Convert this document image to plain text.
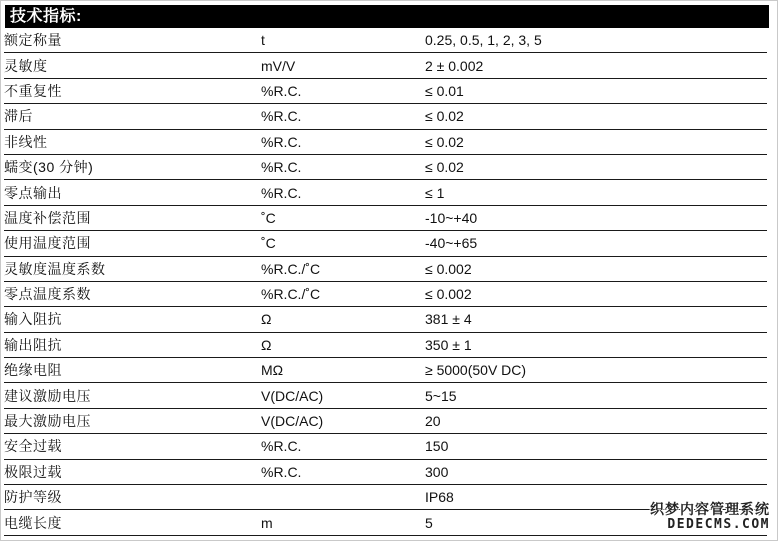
技术指标:
额定称量	t	0.25, 0.5, 1, 2, 3, 5
灵敏度	mV/V	2 ± 0.002
不重复性	%R.C.	≤ 0.01
滞后	%R.C.	≤ 0.02
非线性	%R.C.	≤ 0.02
蠕变(30 分钟)	%R.C.	≤ 0.02
零点输出	%R.C.	≤ 1
温度补偿范围	˚C	-10~+40
使用温度范围	˚C	-40~+65
灵敏度温度系数	%R.C./˚C	≤ 0.002
零点温度系数	%R.C./˚C	≤ 0.002
输入阻抗	Ω	381 ± 4
输出阻抗	Ω	350 ± 1
绝缘电阻	MΩ	≥ 5000(50V DC)
建议激励电压	V(DC/AC)	5~15
最大激励电压	V(DC/AC)	20
安全过载	%R.C.	150
极限过载	%R.C.	300
防护等级		IP68
电缆长度	m	5
织梦内容管理系统
DEDECMS.COM
